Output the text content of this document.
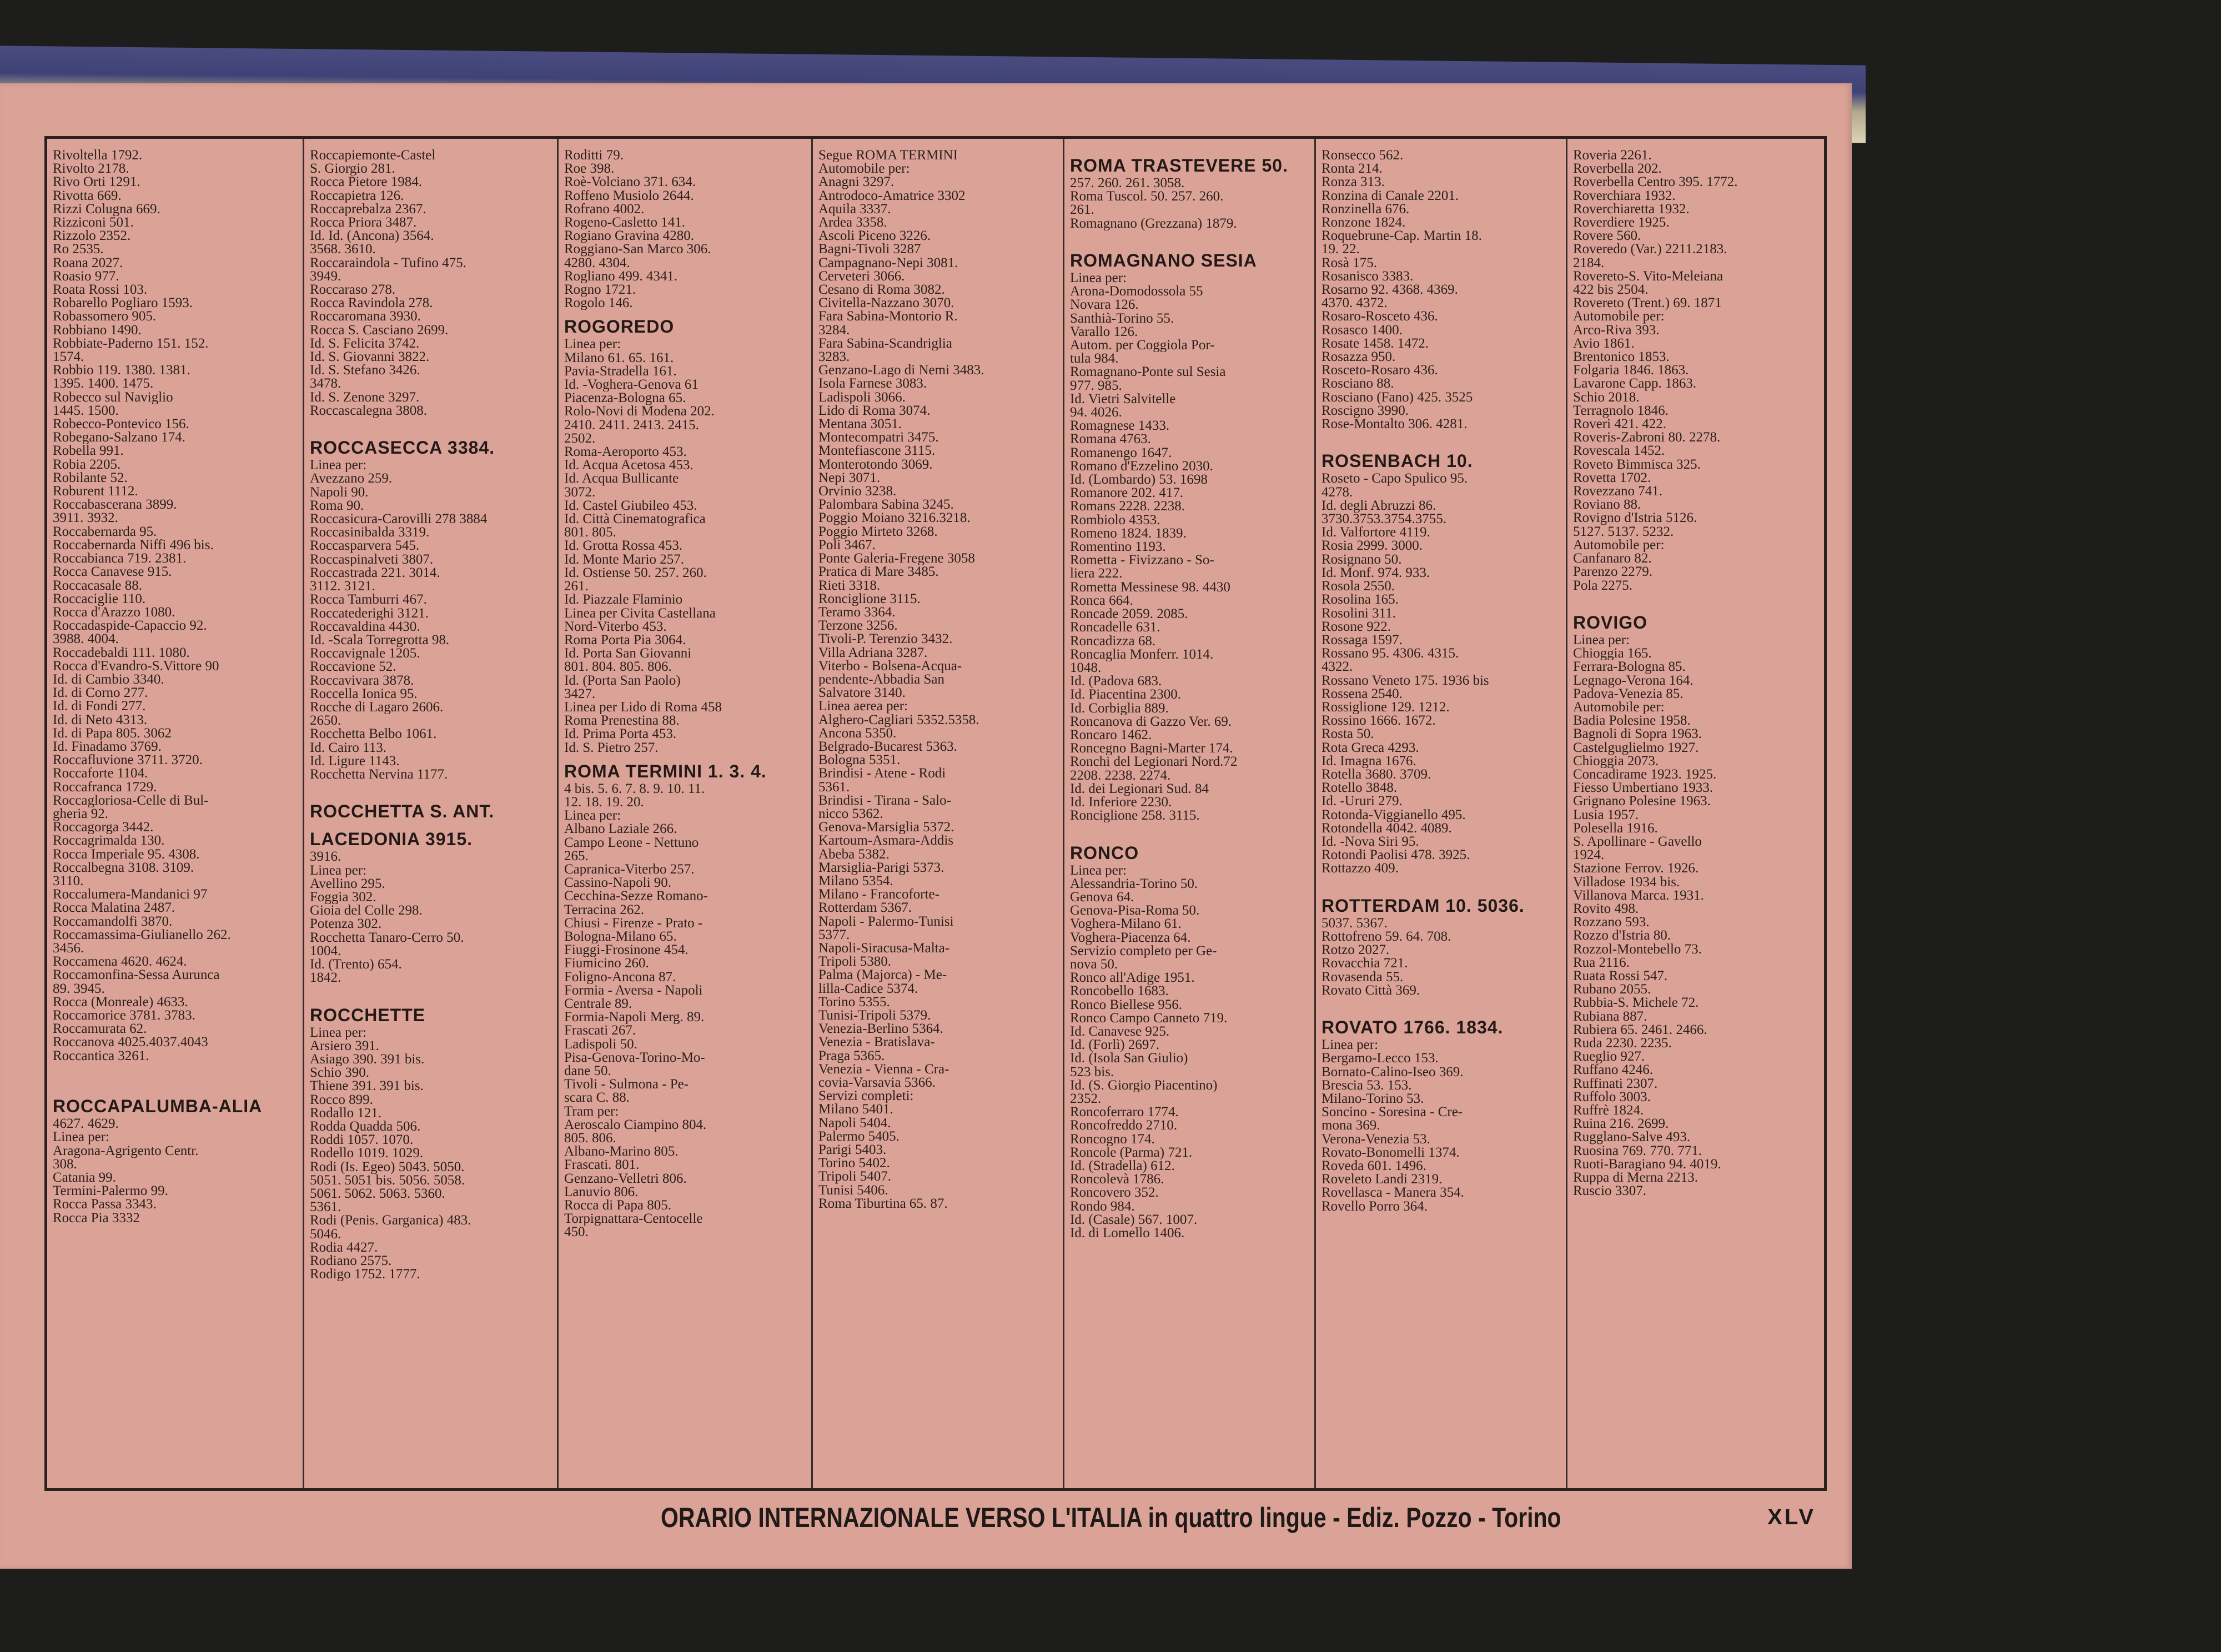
Rivoltella 1792.
Rivolto 2178.
Rivo Orti 1291.
Rivotta 669.
Rizzi Colugna 669.
Rizziconi 501.
Rizzolo 2352.
Ro 2535.
Roana 2027.
Roasio 977.
Roata Rossi 103.
Robarello Pogliaro 1593.
Robassomero 905.
Robbiano 1490.
Robbiate-Paderno 151. 152.
1574.
Robbio 119. 1380. 1381.
1395. 1400. 1475.
Robecco sul Naviglio
1445. 1500.
Robecco-Pontevico 156.
Robegano-Salzano 174.
Robella 991.
Robia 2205.
Robilante 52.
Roburent 1112.
Roccabascerana 3899.
3911. 3932.
Roccabernarda 95.
Roccabernarda Niffi 496 bis.
Roccabianca 719. 2381.
Rocca Canavese 915.
Roccacasale 88.
Roccaciglie 110.
Rocca d'Arazzo 1080.
Roccadaspide-Capaccio 92.
3988. 4004.
Roccadebaldi 111. 1080.
Rocca d'Evandro-S.Vittore 90
Id. di Cambio 3340.
Id. di Corno 277.
Id. di Fondi 277.
Id. di Neto 4313.
Id. di Papa 805. 3062
Id. Finadamo 3769.
Roccafluvione 3711. 3720.
Roccaforte 1104.
Roccafranca 1729.
Roccagloriosa-Celle di Bul-
gheria 92.
Roccagorga 3442.
Roccagrimalda 130.
Rocca Imperiale 95. 4308.
Roccalbegna 3108. 3109.
3110.
Roccalumera-Mandanici 97
Rocca Malatina 2487.
Roccamandolfi 3870.
Roccamassima-Giulianello 262.
3456.
Roccamena 4620. 4624.
Roccamonfina-Sessa Aurunca
89. 3945.
Rocca (Monreale) 4633.
Roccamorice 3781. 3783.
Roccamurata 62.
Roccanova 4025.4037.4043
Roccantica 3261.

ROCCAPALUMBA-ALIA
4627. 4629.
Linea per:
Aragona-Agrigento Centr.
308.
Catania 99.
Termini-Palermo 99.
Rocca Passa 3343.
Rocca Pia 3332
Roccapiemonte-Castel
S. Giorgio 281.
Rocca Pietore 1984.
Roccapietra 126.
Roccaprebalza 2367.
Rocca Priora 3487.
Id. Id. (Ancona) 3564.
3568. 3610.
Roccaraindola - Tufino 475.
3949.
Roccaraso 278.
Rocca Ravindola 278.
Roccaromana 3930.
Rocca S. Casciano 2699.
Id. S. Felicita 3742.
Id. S. Giovanni 3822.
Id. S. Stefano 3426.
3478.
Id. S. Zenone 3297.
Roccascalegna 3808.

ROCCASECCA 3384.
Linea per:
Avezzano 259.
Napoli 90.
Roma 90.
Roccasicura-Carovilli 278 3884
Roccasinibalda 3319.
Roccasparvera 545.
Roccaspinalveti 3807.
Roccastrada 221. 3014.
3112. 3121.
Rocca Tamburri 467.
Roccatederighi 3121.
Roccavaldina 4430.
Id. -Scala Torregrotta 98.
Roccavignale 1205.
Roccavione 52.
Roccavivara 3878.
Roccella Ionica 95.
Rocche di Lagaro 2606.
2650.
Rocchetta Belbo 1061.
Id. Cairo 113.
Id. Ligure 1143.
Rocchetta Nervina 1177.

ROCCHETTA S. ANT.
LACEDONIA 3915.
3916.
Linea per:
Avellino 295.
Foggia 302.
Gioia del Colle 298.
Potenza 302.
Rocchetta Tanaro-Cerro 50.
1004.
Id. (Trento) 654.
1842.

ROCCHETTE
Linea per:
Arsiero 391.
Asiago 390. 391 bis.
Schio 390.
Thiene 391. 391 bis.
Rocco 899.
Rodallo 121.
Rodda Quadda 506.
Roddi 1057. 1070.
Rodello 1019. 1029.
Rodi (Is. Egeo) 5043. 5050.
5051. 5051 bis. 5056. 5058.
5061. 5062. 5063. 5360.
5361.
Rodi (Penis. Garganica) 483.
5046.
Rodia 4427.
Rodiano 2575.
Rodigo 1752. 1777.
Roditti 79.
Roe 398.
Roè-Volciano 371. 634.
Roffeno Musiolo 2644.
Rofrano 4002.
Rogeno-Casletto 141.
Rogiano Gravina 4280.
Roggiano-San Marco 306.
4280. 4304.
Rogliano 499. 4341.
Rogno 1721.
Rogolo 146.
ROGOREDO
Linea per:
Milano 61. 65. 161.
Pavia-Stradella 161.
Id. -Voghera-Genova 61
Piacenza-Bologna 65.
Rolo-Novi di Modena 202.
2410. 2411. 2413. 2415.
2502.
Roma-Aeroporto 453.
Id. Acqua Acetosa 453.
Id. Acqua Bullicante
3072.
Id. Castel Giubileo 453.
Id. Città Cinematografica
801. 805.
Id. Grotta Rossa 453.
Id. Monte Mario 257.
Id. Ostiense 50. 257. 260.
261.
Id. Piazzale Flaminio
Linea per Civita Castellana
Nord-Viterbo 453.
Roma Porta Pia 3064.
Id. Porta San Giovanni
801. 804. 805. 806.
Id. (Porta San Paolo)
3427.
Linea per Lido di Roma 458
Roma Prenestina 88.
Id. Prima Porta 453.
Id. S. Pietro 257.
ROMA TERMINI 1. 3. 4.
4 bis. 5. 6. 7. 8. 9. 10. 11.
12. 18. 19. 20.
Linea per:
Albano Laziale 266.
Campo Leone - Nettuno
265.
Capranica-Viterbo 257.
Cassino-Napoli 90.
Cecchina-Sezze Romano-
Terracina 262.
Chiusi - Firenze - Prato -
Bologna-Milano 65.
Fiuggi-Frosinone 454.
Fiumicino 260.
Foligno-Ancona 87.
Formia - Aversa - Napoli
Centrale 89.
Formia-Napoli Merg. 89.
Frascati 267.
Ladispoli 50.
Pisa-Genova-Torino-Mo-
dane 50.
Tivoli - Sulmona - Pe-
scara C. 88.
Tram per:
Aeroscalo Ciampino 804.
805. 806.
Albano-Marino 805.
Frascati. 801.
Genzano-Velletri 806.
Lanuvio 806.
Rocca di Papa 805.
Torpignattara-Centocelle
450.
Segue ROMA TERMINI
Automobile per:
Anagni 3297.
Antrodoco-Amatrice 3302
Aquila 3337.
Ardea 3358.
Ascoli Piceno 3226.
Bagni-Tivoli 3287
Campagnano-Nepi 3081.
Cerveteri 3066.
Cesano di Roma 3082.
Civitella-Nazzano 3070.
Fara Sabina-Montorio R.
3284.
Fara Sabina-Scandriglia
3283.
Genzano-Lago di Nemi 3483.
Isola Farnese 3083.
Ladispoli 3066.
Lido di Roma 3074.
Mentana 3051.
Montecompatri 3475.
Montefiascone 3115.
Monterotondo 3069.
Nepi 3071.
Orvinio 3238.
Palombara Sabina 3245.
Poggio Moiano 3216.3218.
Poggio Mirteto 3268.
Poli 3467.
Ponte Galeria-Fregene 3058
Pratica di Mare 3485.
Rieti 3318.
Ronciglione 3115.
Teramo 3364.
Terzone 3256.
Tivoli-P. Terenzio 3432.
Villa Adriana 3287.
Viterbo - Bolsena-Acqua-
pendente-Abbadia San
Salvatore 3140.
Linea aerea per:
Alghero-Cagliari 5352.5358.
Ancona 5350.
Belgrado-Bucarest 5363.
Bologna 5351.
Brindisi - Atene - Rodi
5361.
Brindisi - Tirana - Salo-
nicco 5362.
Genova-Marsiglia 5372.
Kartoum-Asmara-Addis
Abeba 5382.
Marsiglia-Parigi 5373.
Milano 5354.
Milano - Francoforte-
Rotterdam 5367.
Napoli - Palermo-Tunisi
5377.
Napoli-Siracusa-Malta-
Tripoli 5380.
Palma (Majorca) - Me-
lilla-Cadice 5374.
Torino 5355.
Tunisi-Tripoli 5379.
Venezia-Berlino 5364.
Venezia - Bratislava-
Praga 5365.
Venezia - Vienna - Cra-
covia-Varsavia 5366.
Servizi completi:
Milano 5401.
Napoli 5404.
Palermo 5405.
Parigi 5403.
Torino 5402.
Tripoli 5407.
Tunisi 5406.
Roma Tiburtina 65. 87.
ROMA TRASTEVERE 50.
257. 260. 261. 3058.
Roma Tuscol. 50. 257. 260.
261.
Romagnano (Grezzana) 1879.

ROMAGNANO SESIA
Linea per:
Arona-Domodossola 55
Novara 126.
Santhià-Torino 55.
Varallo 126.
Autom. per Coggiola Por-
tula 984.
Romagnano-Ponte sul Sesia
977. 985.
Id. Vietri Salvitelle
94. 4026.
Romagnese 1433.
Romana 4763.
Romanengo 1647.
Romano d'Ezzelino 2030.
Id. (Lombardo) 53. 1698
Romanore 202. 417.
Romans 2228. 2238.
Rombiolo 4353.
Romeno 1824. 1839.
Romentino 1193.
Rometta - Fivizzano - So-
liera 222.
Rometta Messinese 98. 4430
Ronca 664.
Roncade 2059. 2085.
Roncadelle 631.
Roncadizza 68.
Roncaglia Monferr. 1014.
1048.
Id. (Padova 683.
Id. Piacentina 2300.
Id. Corbiglia 889.
Roncanova di Gazzo Ver. 69.
Roncaro 1462.
Roncegno Bagni-Marter 174.
Ronchi del Legionari Nord.72
2208. 2238. 2274.
Id. dei Legionari Sud. 84
Id. Inferiore 2230.
Ronciglione 258. 3115.

RONCO
Linea per:
Alessandria-Torino 50.
Genova 64.
Genova-Pisa-Roma 50.
Voghera-Milano 61.
Voghera-Piacenza 64.
Servizio completo per Ge-
nova 50.
Ronco all'Adige 1951.
Roncobello 1683.
Ronco Biellese 956.
Ronco Campo Canneto 719.
Id. Canavese 925.
Id. (Forlì) 2697.
Id. (Isola San Giulio)
523 bis.
Id. (S. Giorgio Piacentino)
2352.
Roncoferraro 1774.
Roncofreddo 2710.
Roncogno 174.
Roncole (Parma) 721.
Id. (Stradella) 612.
Roncolevà 1786.
Roncovero 352.
Rondo 984.
Id. (Casale) 567. 1007.
Id. di Lomello 1406.
Ronsecco 562.
Ronta 214.
Ronza 313.
Ronzina di Canale 2201.
Ronzinella 676.
Ronzone 1824.
Roquebrune-Cap. Martin 18.
19. 22.
Rosà 175.
Rosanisco 3383.
Rosarno 92. 4368. 4369.
4370. 4372.
Rosaro-Rosceto 436.
Rosasco 1400.
Rosate 1458. 1472.
Rosazza 950.
Rosceto-Rosaro 436.
Rosciano 88.
Rosciano (Fano) 425. 3525
Roscigno 3990.
Rose-Montalto 306. 4281.

ROSENBACH 10.
Roseto - Capo Spulico 95.
4278.
Id. degli Abruzzi 86.
3730.3753.3754.3755.
Id. Valfortore 4119.
Rosia 2999. 3000.
Rosignano 50.
Id. Monf. 974. 933.
Rosola 2550.
Rosolina 165.
Rosolini 311.
Rosone 922.
Rossaga 1597.
Rossano 95. 4306. 4315.
4322.
Rossano Veneto 175. 1936 bis
Rossena 2540.
Rossiglione 129. 1212.
Rossino 1666. 1672.
Rosta 50.
Rota Greca 4293.
Id. Imagna 1676.
Rotella 3680. 3709.
Rotello 3848.
Id. -Ururi 279.
Rotonda-Viggianello 495.
Rotondella 4042. 4089.
Id. -Nova Siri 95.
Rotondi Paolisi 478. 3925.
Rottazzo 409.

ROTTERDAM 10. 5036.
5037. 5367.
Rottofreno 59. 64. 708.
Rotzo 2027.
Rovacchia 721.
Rovasenda 55.
Rovato Città 369.

ROVATO 1766. 1834.
Linea per:
Bergamo-Lecco 153.
Bornato-Calino-Iseo 369.
Brescia 53. 153.
Milano-Torino 53.
Soncino - Soresina - Cre-
mona 369.
Verona-Venezia 53.
Rovato-Bonomelli 1374.
Roveda 601. 1496.
Roveleto Landi 2319.
Rovellasca - Manera 354.
Rovello Porro 364.
Roveria 2261.
Roverbella 202.
Roverbella Centro 395. 1772.
Roverchiara 1932.
Roverchiaretta 1932.
Roverdiere 1925.
Rovere 560.
Roveredo (Var.) 2211.2183.
2184.
Rovereto-S. Vito-Meleiana
422 bis 2504.
Rovereto (Trent.) 69. 1871
Automobile per:
Arco-Riva 393.
Avio 1861.
Brentonico 1853.
Folgaria 1846. 1863.
Lavarone Capp. 1863.
Schio 2018.
Terragnolo 1846.
Roveri 421. 422.
Roveris-Zabroni 80. 2278.
Rovescala 1452.
Roveto Bimmisca 325.
Rovetta 1702.
Rovezzano 741.
Roviano 88.
Rovigno d'Istria 5126.
5127. 5137. 5232.
Automobile per:
Canfanaro 82.
Parenzo 2279.
Pola 2275.

ROVIGO
Linea per:
Chioggia 165.
Ferrara-Bologna 85.
Legnago-Verona 164.
Padova-Venezia 85.
Automobile per:
Badia Polesine 1958.
Bagnoli di Sopra 1963.
Castelguglielmo 1927.
Chioggia 2073.
Concadirame 1923. 1925.
Fiesso Umbertiano 1933.
Grignano Polesine 1963.
Lusia 1957.
Polesella 1916.
S. Apollinare - Gavello
1924.
Stazione Ferrov. 1926.
Villadose 1934 bis.
Villanova Marca. 1931.
Rovito 498.
Rozzano 593.
Rozzo d'Istria 80.
Rozzol-Montebello 73.
Rua 2116.
Ruata Rossi 547.
Rubano 2055.
Rubbia-S. Michele 72.
Rubiana 887.
Rubiera 65. 2461. 2466.
Ruda 2230. 2235.
Rueglio 927.
Ruffano 4246.
Ruffinati 2307.
Ruffolo 3003.
Ruffrè 1824.
Ruina 216. 2699.
Rugglano-Salve 493.
Ruosina 769. 770. 771.
Ruoti-Baragiano 94. 4019.
Ruppa di Merna 2213.
Ruscio 3307.
ORARIO INTERNAZIONALE VERSO L'ITALIA in quattro lingue - Ediz. Pozzo - Torino	XLV
